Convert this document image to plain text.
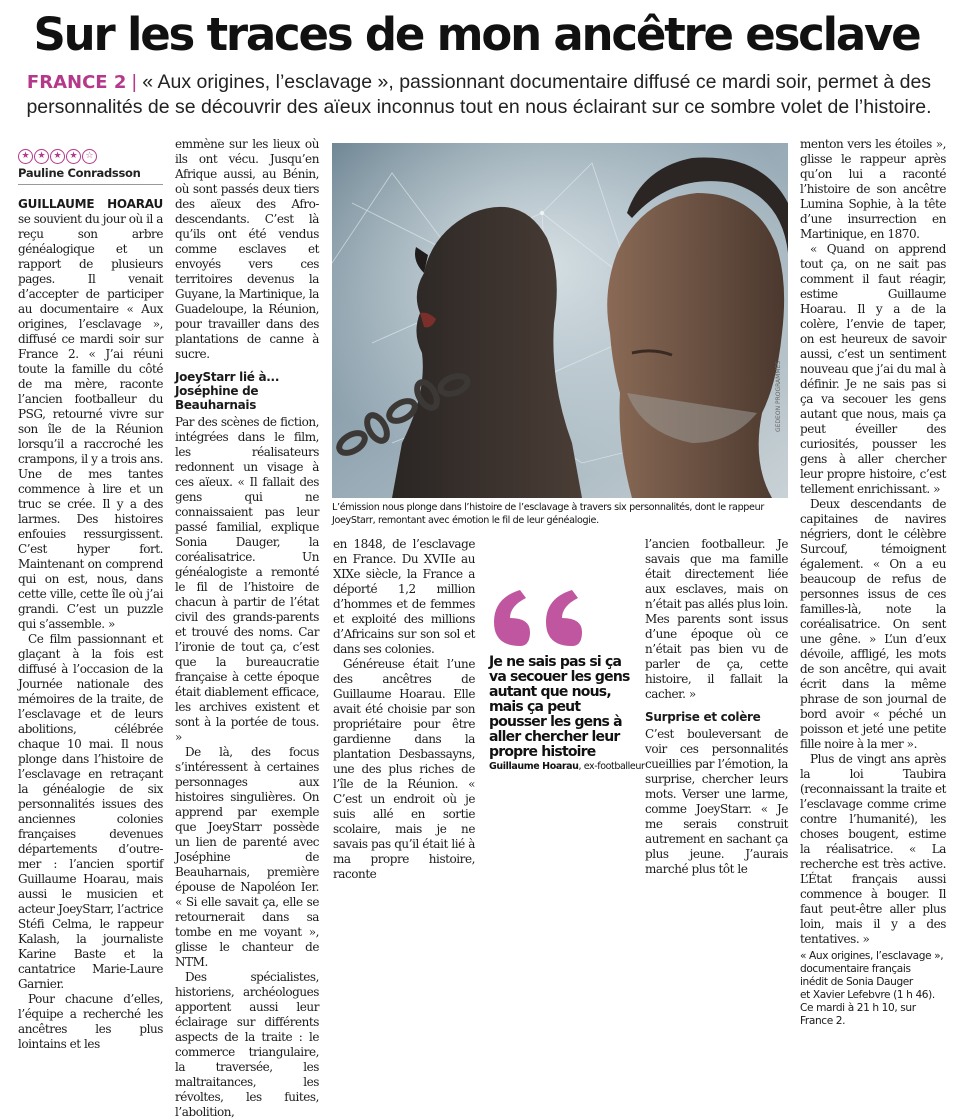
Sur les traces de mon ancêtre esclave
FRANCE 2 | « Aux origines, l’esclavage », passionnant documentaire diffusé ce mardi soir, permet à des personnalités de se découvrir des aïeux inconnus tout en nous éclairant sur ce sombre volet de l’histoire.
★ ★ ★ ★ ☆
Pauline Conradsson

GUILLAUME HOARAU se souvient du jour où il a reçu son arbre généalogique et un rapport de plusieurs pages. Il venait d’accepter de participer au documentaire « Aux origines, l’esclavage », diffusé ce mardi soir sur France 2. « J’ai réuni toute la famille du côté de ma mère, raconte l’ancien footballeur du PSG, retourné vivre sur son île de la Réunion lorsqu’il a raccroché les crampons, il y a trois ans. Une de mes tantes commence à lire et un truc se crée. Il y a des larmes. Des histoires enfouies ressurgissent. C’est hyper fort. Maintenant on comprend qui on est, nous, dans cette ville, cette île où j’ai grandi. C’est un puzzle qui s’assemble. »

Ce film passionnant et glaçant à la fois est diffusé à l’occasion de la Journée nationale des mémoires de la traite, de l’esclavage et de leurs abolitions, célébrée chaque 10 mai. Il nous plonge dans l’histoire de l’esclavage en retraçant la généalogie de six personnalités issues des anciennes colonies françaises devenues départements d’outre-mer : l’ancien sportif Guillaume Hoarau, mais aussi le musicien et acteur JoeyStarr, l’actrice Stéfi Celma, le rappeur Kalash, la journaliste Karine Baste et la cantatrice Marie-Laure Garnier.

Pour chacune d’elles, l’équipe a recherché les ancêtres les plus lointains et les

emmène sur les lieux où ils ont vécu. Jusqu’en Afrique aussi, au Bénin, où sont passés deux tiers des aïeux des Afro-descendants. C’est là qu’ils ont été vendus comme esclaves et envoyés vers ces territoires devenus la Guyane, la Martinique, la Guadeloupe, la Réunion, pour travailler dans des plantations de canne à sucre.

JoeyStarr lié à...
Joséphine de Beauharnais

Par des scènes de fiction, intégrées dans le film, les réalisateurs redonnent un visage à ces aïeux. « Il fallait des gens qui ne connaissaient pas leur passé familial, explique Sonia Dauger, la coréalisatrice. Un généalogiste a remonté le fil de l’histoire de chacun à partir de l’état civil des grands-parents et trouvé des noms. Car l’ironie de tout ça, c’est que la bureaucratie française à cette époque était diablement efficace, les archives existent et sont à la portée de tous. »

De là, des focus s’intéressent à certaines personnages aux histoires singulières. On apprend par exemple que JoeyStarr possède un lien de parenté avec Joséphine de Beauharnais, première épouse de Napoléon Ier. « Si elle savait ça, elle se retournerait dans sa tombe en me voyant », glisse le chanteur de NTM.

Des spécialistes, historiens, archéologues apportent aussi leur éclairage sur différents aspects de la traite : le commerce triangulaire, la traversée, les maltraitances, les révoltes, les fuites, l’abolition,

GEDEON PROGRAMMES
L’émission nous plonge dans l’histoire de l’esclavage à travers six personnalités, dont le rappeur JoeyStarr, remontant avec émotion le fil de leur généalogie.

en 1848, de l’esclavage en France. Du XVIIe au XIXe siècle, la France a déporté 1,2 million d’hommes et de femmes et exploité des millions d’Africains sur son sol et dans ses colonies.

Généreuse était l’une des ancêtres de Guillaume Hoarau. Elle avait été choisie par son propriétaire pour être gardienne dans la plantation Desbassayns, une des plus riches de l’île de la Réunion. « C’est un endroit où je suis allé en sortie scolaire, mais je ne savais pas qu’il était lié à ma propre histoire, raconte

Je ne sais pas si ça va secouer les gens autant que nous, mais ça peut pousser les gens à aller chercher leur propre histoire
Guillaume Hoarau, ex-footballeur

l’ancien footballeur. Je savais que ma famille était directement liée aux esclaves, mais on n’était pas allés plus loin. Mes parents sont issus d’une époque où ce n’était pas bien vu de parler de ça, cette histoire, il fallait la cacher. »

Surprise et colère

C’est bouleversant de voir ces personnalités cueillies par l’émotion, la surprise, chercher leurs mots. Verser une larme, comme JoeyStarr. « Je me serais construit autrement en sachant ça plus jeune. J’aurais marché plus tôt le

menton vers les étoiles », glisse le rappeur après qu’on lui a raconté l’histoire de son ancêtre Lumina Sophie, à la tête d’une insurrection en Martinique, en 1870.

« Quand on apprend tout ça, on ne sait pas comment il faut réagir, estime Guillaume Hoarau. Il y a de la colère, l’envie de taper, on est heureux de savoir aussi, c’est un sentiment nouveau que j’ai du mal à définir. Je ne sais pas si ça va secouer les gens autant que nous, mais ça peut éveiller des curiosités, pousser les gens à aller chercher leur propre histoire, c’est tellement enrichissant. »

Deux descendants de capitaines de navires négriers, dont le célèbre Surcouf, témoignent également. « On a eu beaucoup de refus de personnes issus de ces familles-là, note la coréalisatrice. On sent une gêne. » L’un d’eux dévoile, affligé, les mots de son ancêtre, qui avait écrit dans la même phrase de son journal de bord avoir « péché un poisson et jeté une petite fille noire à la mer ».

Plus de vingt ans après la loi Taubira (reconnaissant la traite et l’esclavage comme crime contre l’humanité), les choses bougent, estime la réalisatrice. « La recherche est très active. L’État français aussi commence à bouger. Il faut peut-être aller plus loin, mais il y a des tentatives. »

« Aux origines, l’esclavage »,
documentaire français
inédit de Sonia Dauger
et Xavier Lefebvre (1 h 46).
Ce mardi à 21 h 10, sur France 2.
